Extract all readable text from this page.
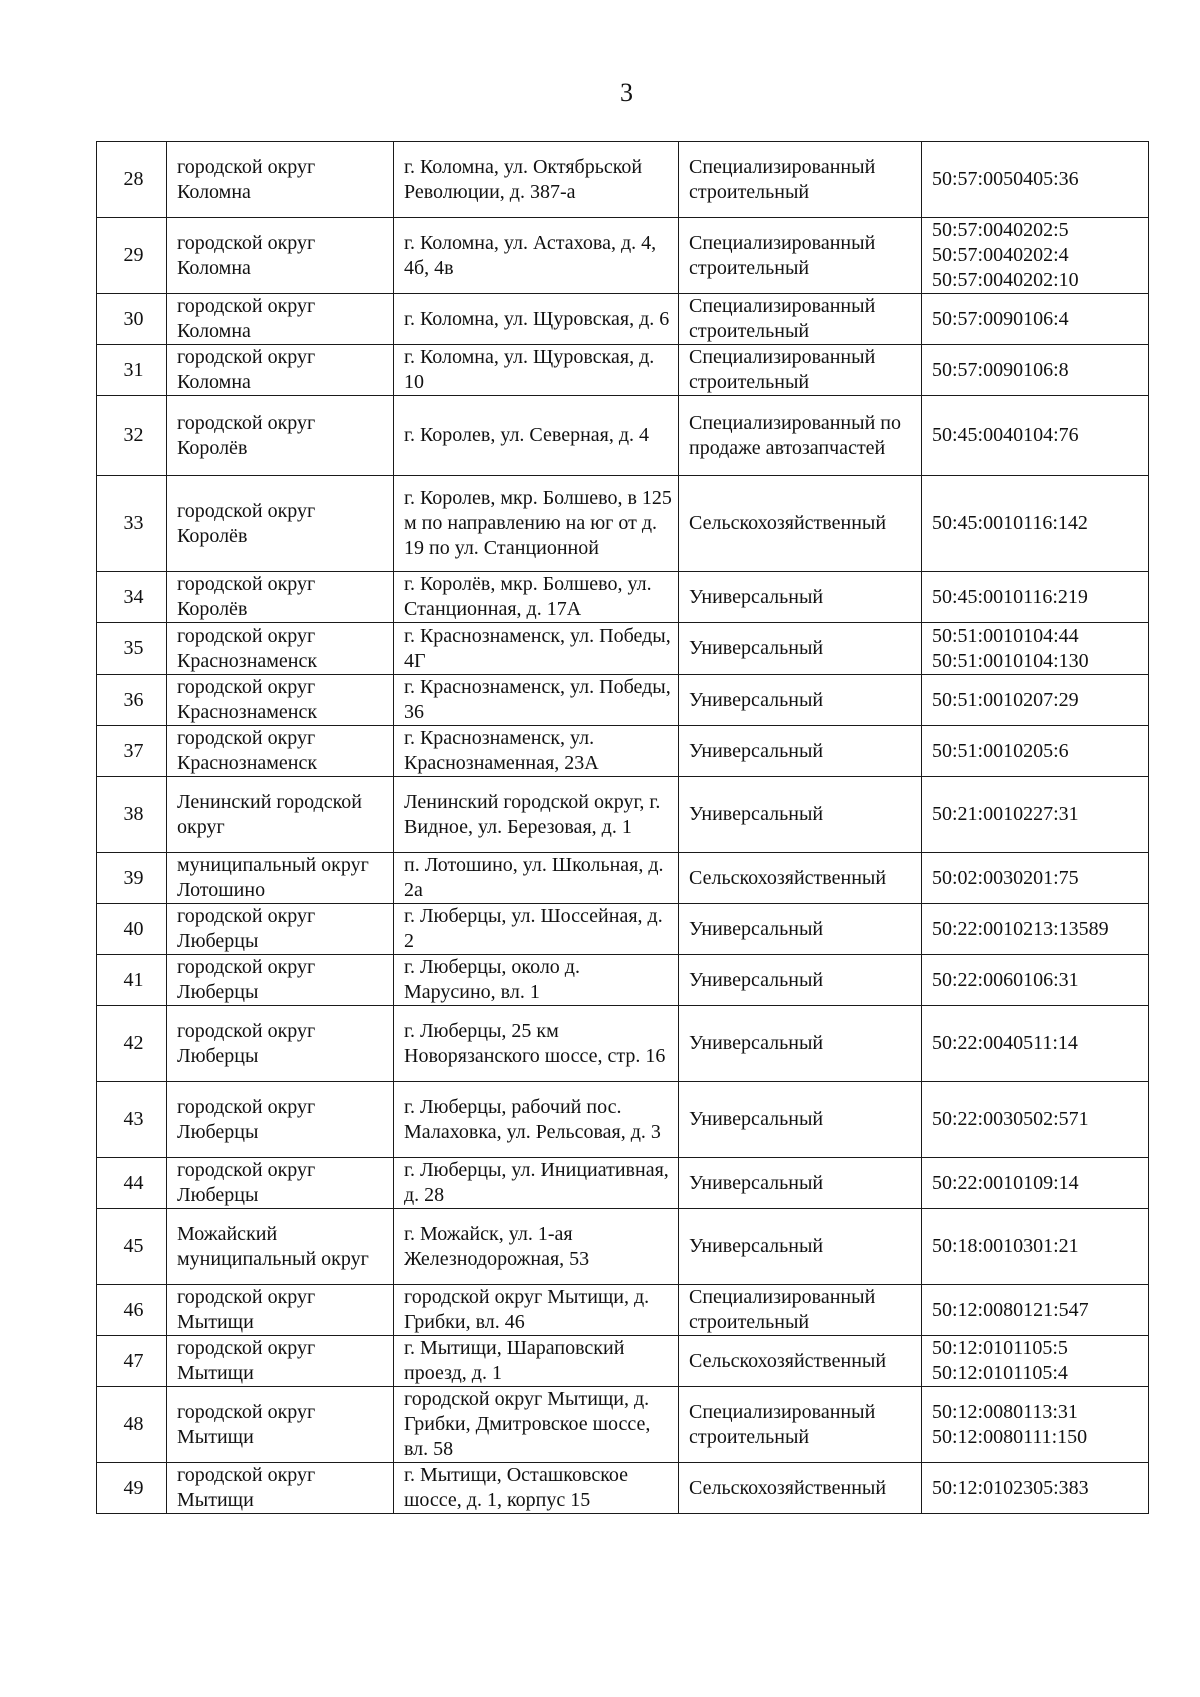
3
28	городской округ Коломна	г. Коломна, ул. Октябрьской Революции, д. 387-а	Специализированный строительный	50:57:0050405:36

29	городской округ Коломна	г. Коломна, ул. Астахова, д. 4, 4б, 4в	Специализированный строительный	50:57:0040202:5
50:57:0040202:4
50:57:0040202:10

30	городской округ Коломна	г. Коломна, ул. Щуровская, д. 6	Специализированный строительный	50:57:0090106:4

31	городской округ Коломна	г. Коломна, ул. Щуровская, д. 10	Специализированный строительный	50:57:0090106:8

32	городской округ Королёв	г. Королев, ул. Северная, д. 4	Специализированный по продаже автозапчастей	50:45:0040104:76

33	городской округ Королёв	г. Королев, мкр. Болшево, в 125 м по направлению на юг от д. 19 по ул. Станционной	Сельскохозяйственный	50:45:0010116:142

34	городской округ Королёв	г. Королёв, мкр. Болшево, ул. Станционная, д. 17А	Универсальный	50:45:0010116:219

35	городской округ Краснознаменск	г. Краснознаменск, ул. Победы, 4Г	Универсальный	50:51:0010104:44
50:51:0010104:130

36	городской округ Краснознаменск	г. Краснознаменск, ул. Победы, 36	Универсальный	50:51:0010207:29

37	городской округ Краснознаменск	г. Краснознаменск, ул. Краснознаменная, 23А	Универсальный	50:51:0010205:6

38	Ленинский городской округ	Ленинский городской округ, г. Видное, ул. Березовая, д. 1	Универсальный	50:21:0010227:31

39	муниципальный округ Лотошино	п. Лотошино, ул. Школьная, д. 2а	Сельскохозяйственный	50:02:0030201:75

40	городской округ Люберцы	г. Люберцы, ул. Шоссейная, д. 2	Универсальный	50:22:0010213:13589

41	городской округ Люберцы	г. Люберцы, около д. Марусино, вл. 1	Универсальный	50:22:0060106:31

42	городской округ Люберцы	г. Люберцы, 25 км Новорязанского шоссе, стр. 16	Универсальный	50:22:0040511:14

43	городской округ Люберцы	г. Люберцы, рабочий пос. Малаховка, ул. Рельсовая, д. 3	Универсальный	50:22:0030502:571

44	городской округ Люберцы	г. Люберцы, ул. Инициативная, д. 28	Универсальный	50:22:0010109:14

45	Можайский муниципальный округ	г. Можайск, ул. 1-ая Железнодорожная, 53	Универсальный	50:18:0010301:21

46	городской округ Мытищи	городской округ Мытищи, д. Грибки, вл. 46	Специализированный строительный	50:12:0080121:547

47	городской округ Мытищи	г. Мытищи, Шараповский проезд, д. 1	Сельскохозяйственный	50:12:0101105:5
50:12:0101105:4

48	городской округ Мытищи	городской округ Мытищи, д. Грибки, Дмитровское шоссе, вл. 58	Специализированный строительный	50:12:0080113:31
50:12:0080111:150

49	городской округ Мытищи	г. Мытищи, Осташковское шоссе, д. 1, корпус 15	Сельскохозяйственный	50:12:0102305:383
